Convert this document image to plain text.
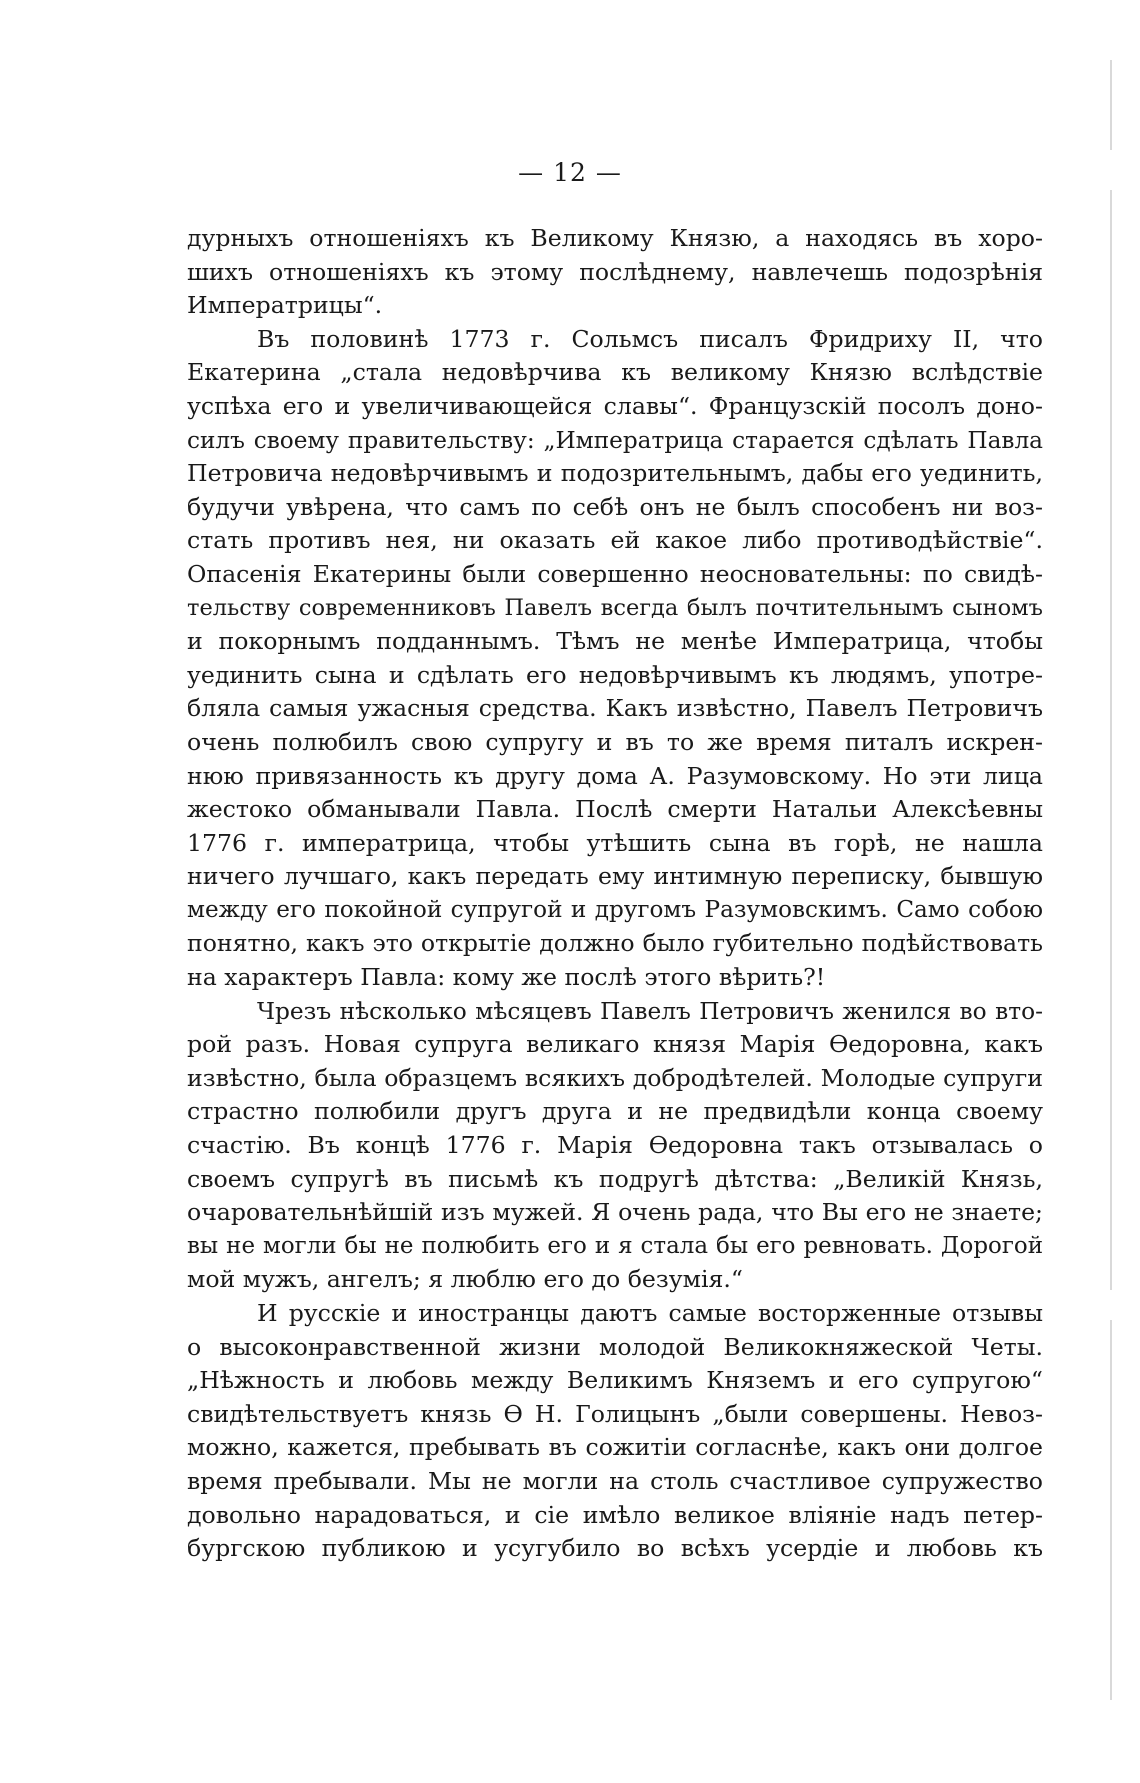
— 12 —
дурныхъ отношеніяхъ къ Великому Князю, а находясь въ хоро-
шихъ отношеніяхъ къ этому послѣднему, навлечешь подозрѣнія
Императрицы“.
Въ половинѣ 1773 г. Сольмсъ писалъ Фридриху II, что
Екатерина „стала недовѣрчива къ великому Князю вслѣдствіе
успѣха его и увеличивающейся славы“. Французскій посолъ доно-
силъ своему правительству: „Императрица старается сдѣлать Павла
Петровича недовѣрчивымъ и подозрительнымъ, дабы его уединить,
будучи увѣрена, что самъ по себѣ онъ не былъ способенъ ни воз-
стать противъ нея, ни оказать ей какое либо противодѣйствіе“.
Опасенія Екатерины были совершенно неосновательны: по свидѣ-
тельству современниковъ Павелъ всегда былъ почтительнымъ сыномъ
и покорнымъ подданнымъ. Тѣмъ не менѣе Императрица, чтобы
уединить сына и сдѣлать его недовѣрчивымъ къ людямъ, употре-
бляла самыя ужасныя средства. Какъ извѣстно, Павелъ Петровичъ
очень полюбилъ свою супругу и въ то же время питалъ искрен-
нюю привязанность къ другу дома А. Разумовскому. Но эти лица
жестоко обманывали Павла. Послѣ смерти Натальи Алексѣевны
1776 г. императрица, чтобы утѣшить сына въ горѣ, не нашла
ничего лучшаго, какъ передать ему интимную переписку, бывшую
между его покойной супругой и другомъ Разумовскимъ. Само собою
понятно, какъ это открытіе должно было губительно подѣйствовать
на характеръ Павла: кому же послѣ этого вѣрить?!
Чрезъ нѣсколько мѣсяцевъ Павелъ Петровичъ женился во вто-
рой разъ. Новая супруга великаго князя Марія Ѳедоровна, какъ
извѣстно, была образцемъ всякихъ добродѣтелей. Молодые супруги
страстно полюбили другъ друга и не предвидѣли конца своему
счастію. Въ концѣ 1776 г. Марія Ѳедоровна такъ отзывалась о
своемъ супругѣ въ письмѣ къ подругѣ дѣтства: „Великій Князь,
очаровательнѣйшій изъ мужей. Я очень рада, что Вы его не знаете;
вы не могли бы не полюбить его и я стала бы его ревновать. Дорогой
мой мужъ, ангелъ; я люблю его до безумія.“
И русскіе и иностранцы даютъ самые восторженные отзывы
о высоконравственной жизни молодой Великокняжеской Четы.
„Нѣжность и любовь между Великимъ Княземъ и его супругою“
свидѣтельствуетъ князь Ѳ Н. Голицынъ „были совершены. Невоз-
можно, кажется, пребывать въ сожитіи согласнѣе, какъ они долгое
время пребывали. Мы не могли на столь счастливое супружество
довольно нарадоваться, и сіе имѣло великое вліяніе надъ петер-
бургскою публикою и усугубило во всѣхъ усердіе и любовь къ
